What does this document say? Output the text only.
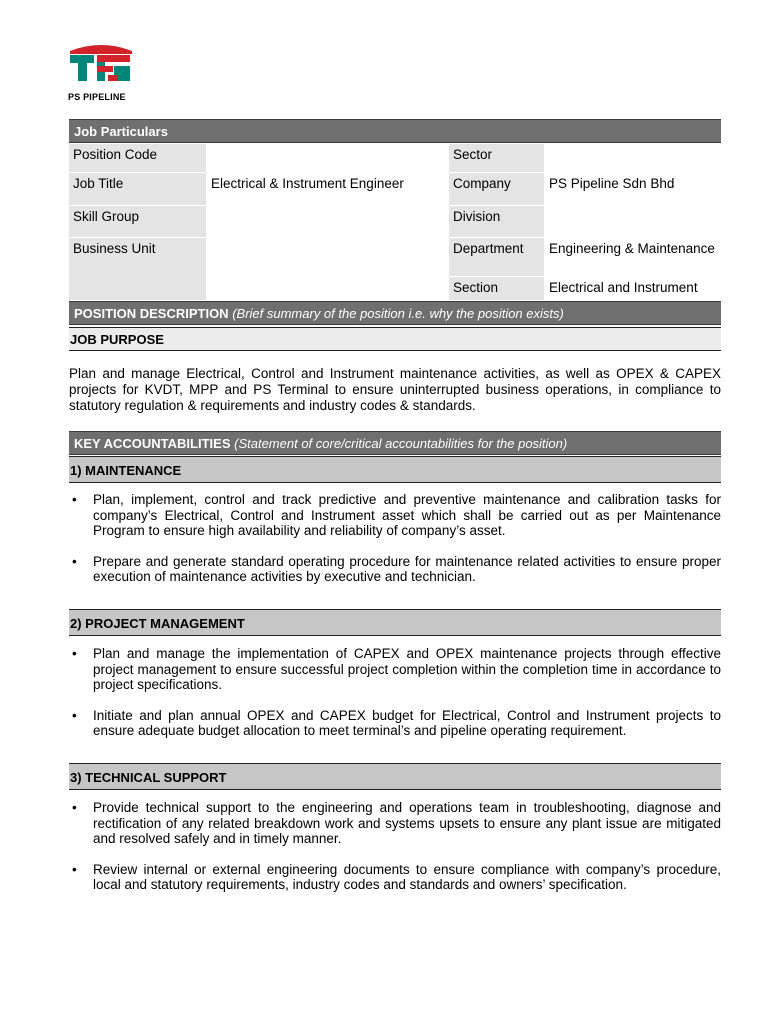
PS PIPELINE
Job Particulars
Position Code
Job Title
Skill Group
Business Unit
Electrical & Instrument Engineer
Sector
Company
Division
Department
Section
PS Pipeline Sdn Bhd
Engineering & Maintenance
Electrical and Instrument
POSITION DESCRIPTION (Brief summary of the position i.e. why the position exists)
JOB PURPOSE
Plan and manage Electrical, Control and Instrument maintenance activities, as well as OPEX & CAPEX projects for KVDT, MPP and PS Terminal to ensure uninterrupted business operations, in compliance to statutory regulation & requirements and industry codes & standards.
KEY ACCOUNTABILITIES (Statement of core/critical accountabilities for the position)
1) MAINTENANCE
• Plan, implement, control and track predictive and preventive maintenance and calibration tasks for company’s Electrical, Control and Instrument asset which shall be carried out as per Maintenance Program to ensure high availability and reliability of company’s asset.
• Prepare and generate standard operating procedure for maintenance related activities to ensure proper execution of maintenance activities by executive and technician.
2) PROJECT MANAGEMENT
• Plan and manage the implementation of CAPEX and OPEX maintenance projects through effective project management to ensure successful project completion within the completion time in accordance to project specifications.
• Initiate and plan annual OPEX and CAPEX budget for Electrical, Control and Instrument projects to ensure adequate budget allocation to meet terminal’s and pipeline operating requirement.
3) TECHNICAL SUPPORT
• Provide technical support to the engineering and operations team in troubleshooting, diagnose and rectification of any related breakdown work and systems upsets to ensure any plant issue are mitigated and resolved safely and in timely manner.
• Review internal or external engineering documents to ensure compliance with company’s procedure, local and statutory requirements, industry codes and standards and owners’ specification.
